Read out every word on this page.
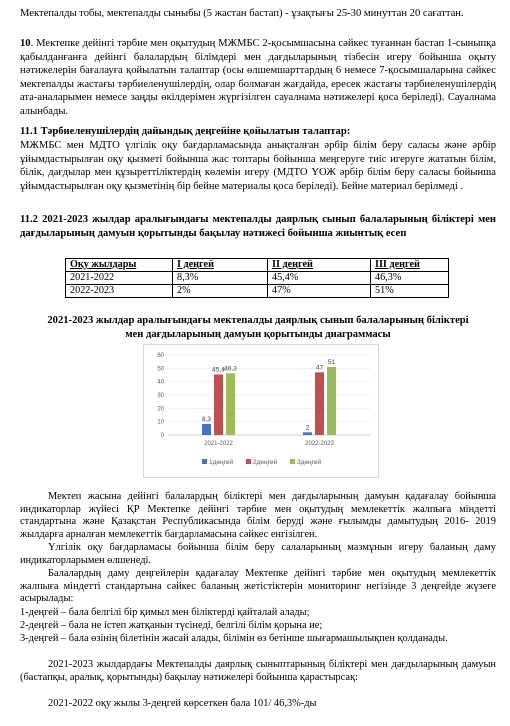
Мектепалды тобы, мектепалды сыныбы (5 жастан бастап) - ұзақтығы 25-30 минуттан 20 сағаттан.
10. Мектепке дейінгі тәрбие мен оқытудың МЖМБС 2-қосымшасына сәйкес туғаннан бастап 1-сыныпқа қабылданғанға дейінгі балалардың білімдері мен дағдыларының тізбесін игеру бойынша оқыту нәтижелерін бағалауға қойылатын талаптар (осы өлшемшарттардың 6 немесе 7-қосымшаларына сәйкес мектепалды жастағы тәрбиеленушілердің, олар болмаған жағдайда, ересек жастағы тәрбиеленушілердің ата-аналарымен немесе заңды өкілдерімен жүргізілген сауалнама нәтижелері қоса беріледі). Сауалнама алынбады.
11.1 Тәрбиеленушілердің дайындық деңгейіне қойылатын талаптар:
МЖМБС мен МДТО үлгілік оқу бағдарламасында анықталған әрбір білім беру саласы және әрбір ұйымдастырылған оқу қызметі бойынша жас топтары бойынша меңгеруге тиіс игеруге жататын білім, білік, дағдылар мен құзыреттіліктердің көлемін игеру (МДТО ҮОЖ әрбір білім беру саласы бойынша ұйымдастырылған оқу қызметінің бір бейне материалы қоса беріледі). Бейне материал берілмеді .
11.2 2021-2023 жылдар аралығындағы мектепалды даярлық сынып балаларының біліктері мен дағдыларының дамуын қорытынды бақылау нәтижесі бойынша жиынтық есеп
Оқу жылдары	I деңгей	II деңгей	III деңгей
2021-2022	8,3%	45,4%	46,3%
2022-2023	2%	47%	51%
2021-2023 жылдар аралығындағы мектепалды даярлық сынып балаларының біліктері мен дағдыларының дамуын қорытынды диаграммасы
0
10
20
30
40
50
60
8,3
45,4 46,3
2021-2022
2
47
51
2022-2023
1деңгей	2деңгей	3деңгей
Мектеп жасына дейінгі балалардың біліктері мен дағдыларының дамуын қадағалау бойынша индикаторлар жүйесі ҚР Мектепке дейінгі тәрбие мен оқытудың мемлекеттік жалпыға міндетті стандартына және Қазақстан Республикасында білім беруді және ғылымды дамытудың 2016- 2019 жылдарға арналған мемлекеттік бағдарламасына сәйкес енгізілген.
Үлгілік оқу бағдарламасы бойынша білім беру салаларының мазмұнын игеру баланың даму индикаторларымен өлшенеді.
Балалардың даму деңгейлерін қадағалау Мектепке дейінгі тәрбие мен оқытудың мемлекеттік жалпыға міндетті стандартына сәйкес баланың жетістіктерін мониторинг негізінде 3 деңгейде жүзеге асырылады:
1-деңгей – бала белгілі бір қимыл мен біліктерді қайталай алады;
2-деңгей – бала не істеп жатқанын түсінеді, белгілі білім қорына ие;
3-деңгей – бала өзінің білетінін жасай алады, білімін өз бетінше шығармашылықпен қолданады.
2021-2023 жылдардағы Мектепалды даярлық сыныптарының біліктері мен дағдыларының дамуын (бастапқы, аралық, қорытынды) бақылау нәтижелері бойынша қарастырсақ:
2021-2022 оқу жылы 3-деңгей көрсеткен бала 101/ 46,3%-ды
